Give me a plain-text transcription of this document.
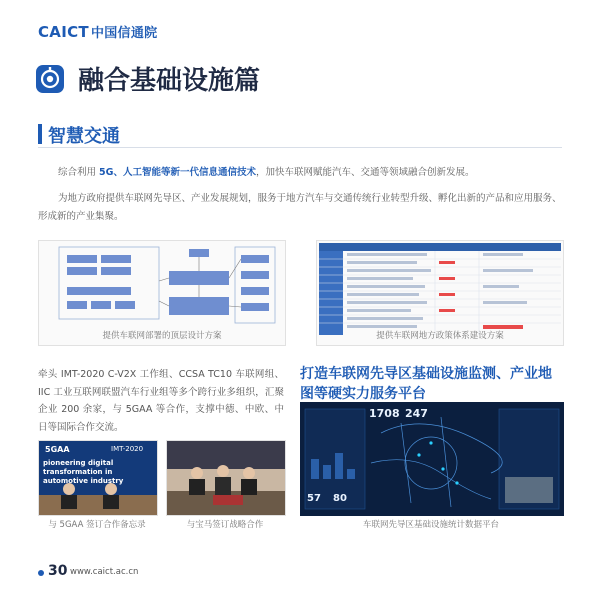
CAICT 中国信通院
融合基础设施篇
智慧交通
综合利用 5G、人工智能等新一代信息通信技术，加快车联网赋能汽车、交通等领域融合创新发展。
为地方政府提供车联网先导区、产业发展规划，服务于地方汽车与交通传统行业转型升级、孵化出新的产品和应用服务、形成新的产业集聚。
提供车联网部署的顶层设计方案	提供车联网地方政策体系建设方案
牵头 IMT-2020 C-V2X 工作组、CCSA TC10 车联网组、IIC 工业互联网联盟汽车行业组等多个跨行业多组织，汇聚企业 200 余家，与 5GAA 等合作，支撑中德、中欧、中日等国际合作交流。
打造车联网先导区基础设施监测、产业地图等硬实力服务平台
5GAA	IMT-2020
pioneering digital transformation in automotive industry
与 5GAA 签订合作备忘录	与宝马签订战略合作
1708 247
57 80
车联网先导区基础设施统计数据平台
30 www.caict.ac.cn
